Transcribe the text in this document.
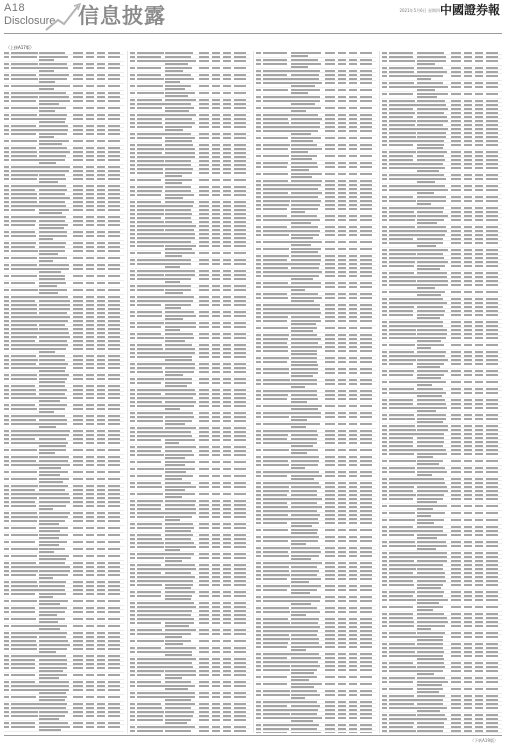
A18
Disclosure 信息披露	2021年5月6日 星期四 中國證券報
（上接A17版）
（下转A19版）
